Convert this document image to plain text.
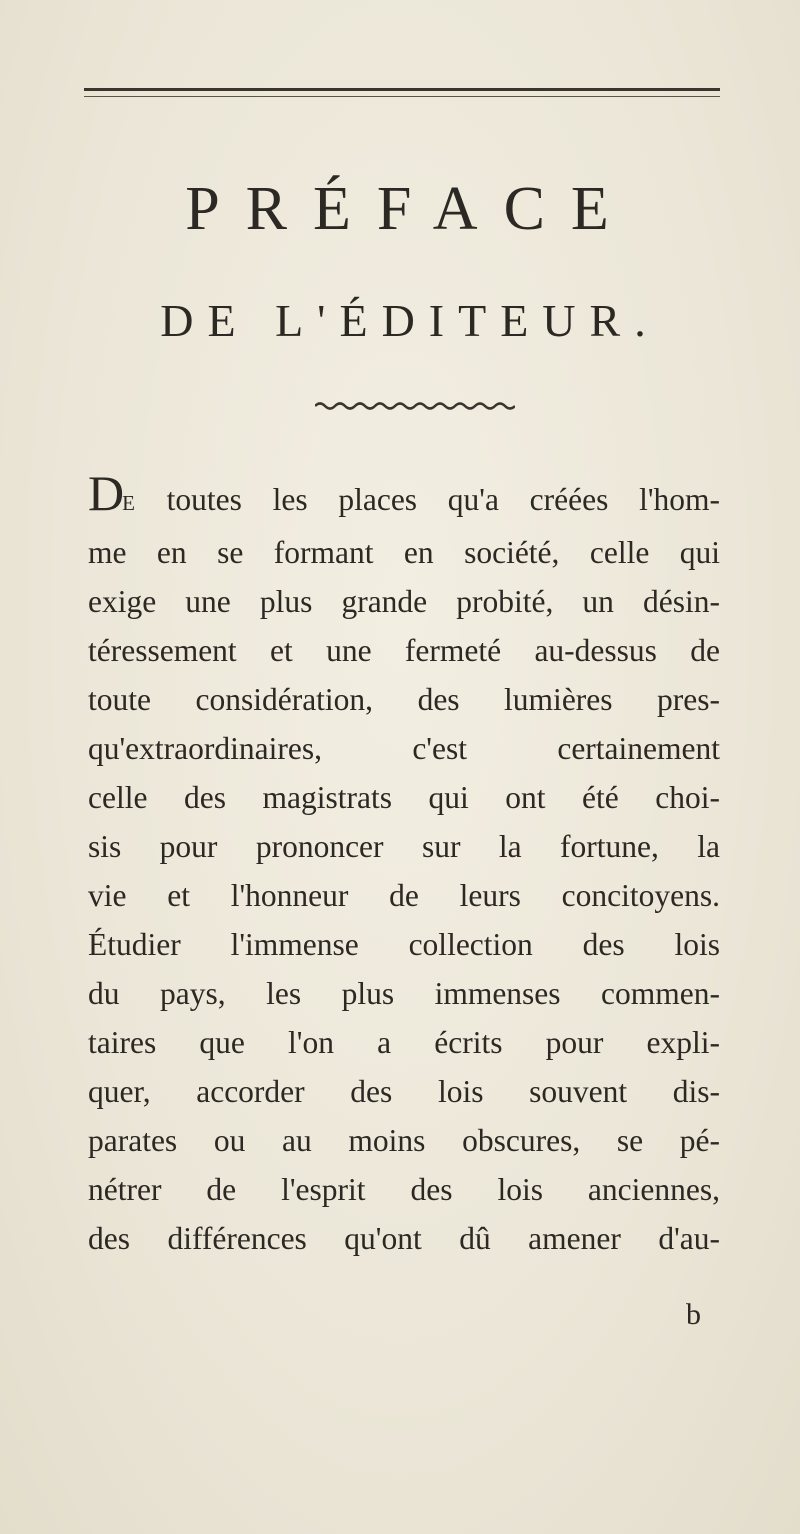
PRÉFACE
DE L'ÉDITEUR.
DE toutes les places qu'a créées l'hom-
me en se formant en société, celle qui
exige une plus grande probité, un désin-
téressement et une fermeté au-dessus de
toute considération, des lumières pres-
qu'extraordinaires, c'est certainement
celle des magistrats qui ont été choi-
sis pour prononcer sur la fortune, la
vie et l'honneur de leurs concitoyens.
Étudier l'immense collection des lois
du pays, les plus immenses commen-
taires que l'on a écrits pour expli-
quer, accorder des lois souvent dis-
parates ou au moins obscures, se pé-
nétrer de l'esprit des lois anciennes,
des différences qu'ont dû amener d'au-

b
